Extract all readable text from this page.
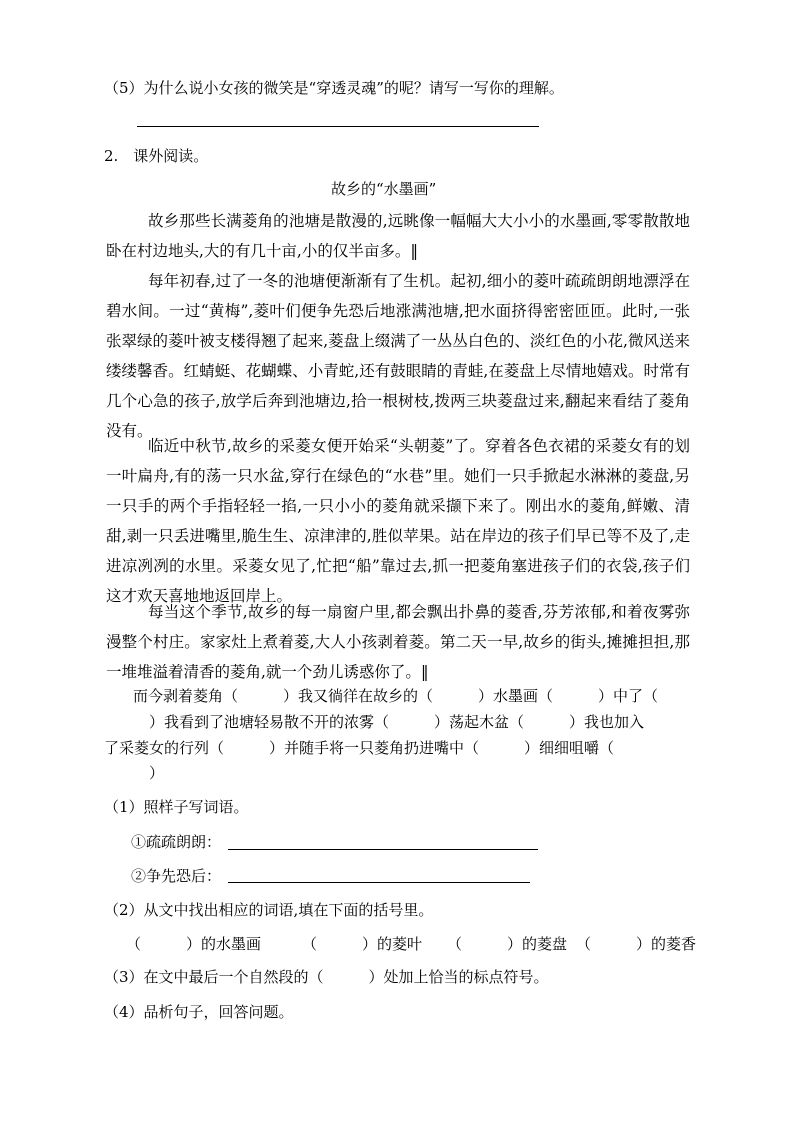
（5）为什么说小女孩的微笑是“穿透灵魂”的呢？请写一写你的理解。
2.　课外阅读。
故乡的“水墨画”
故乡那些长满菱角的池塘是散漫的,远眺像一幅幅大大小小的水墨画,零零散散地卧在村边地头,大的有几十亩,小的仅半亩多。‖
每年初春,过了一冬的池塘便渐渐有了生机。起初,细小的菱叶疏疏朗朗地漂浮在碧水间。一过“黄梅”,菱叶们便争先恐后地涨满池塘,把水面挤得密密匝匝。此时,一张张翠绿的菱叶被支楼得翘了起来,菱盘上缀满了一丛丛白色的、淡红色的小花,微风送来缕缕馨香。红蜻蜓、花蝴蝶、小青蛇,还有鼓眼睛的青蛙,在菱盘上尽情地嬉戏。时常有几个心急的孩子,放学后奔到池塘边,拾一根树枝,拨两三块菱盘过来,翻起来看结了菱角没有。
临近中秋节,故乡的采菱女便开始采“头朝菱”了。穿着各色衣裙的采菱女有的划一叶扁舟,有的荡一只水盆,穿行在绿色的“水巷”里。她们一只手掀起水淋淋的菱盘,另一只手的两个手指轻轻一掐,一只小小的菱角就采撷下来了。刚出水的菱角,鲜嫩、清甜,剥一只丢进嘴里,脆生生、凉津津的,胜似苹果。站在岸边的孩子们早已等不及了,走进凉冽冽的水里。采菱女见了,忙把“船”靠过去,抓一把菱角塞进孩子们的衣袋,孩子们这才欢天喜地地返回岸上。
每当这个季节,故乡的每一扇窗户里,都会飘出扑鼻的菱香,芬芳浓郁,和着夜雾弥漫整个村庄。家家灶上煮着菱,大人小孩剥着菱。第二天一早,故乡的街头,摊摊担担,那一堆堆溢着清香的菱角,就一个劲儿诱惑你了。‖
而今剥着菱角（　　　）我又徜徉在故乡的（　　　）水墨画（　　　）中了（
　　　）我看到了池塘轻易散不开的浓雾（　　　）荡起木盆（　　　）我也加入
了采菱女的行列（　　　）并随手将一只菱角扔进嘴中（　　　）细细咀嚼（
　　　）
（1）照样子写词语。
①疏疏朗朗：
②争先恐后：
（2）从文中找出相应的词语,填在下面的括号里。
（　　　）的水墨画	（　　　）的菱叶 （　　　）的菱盘 （　　　）的菱香
（3）在文中最后一个自然段的（　　　）处加上恰当的标点符号。
（4）品析句子，回答问题。
